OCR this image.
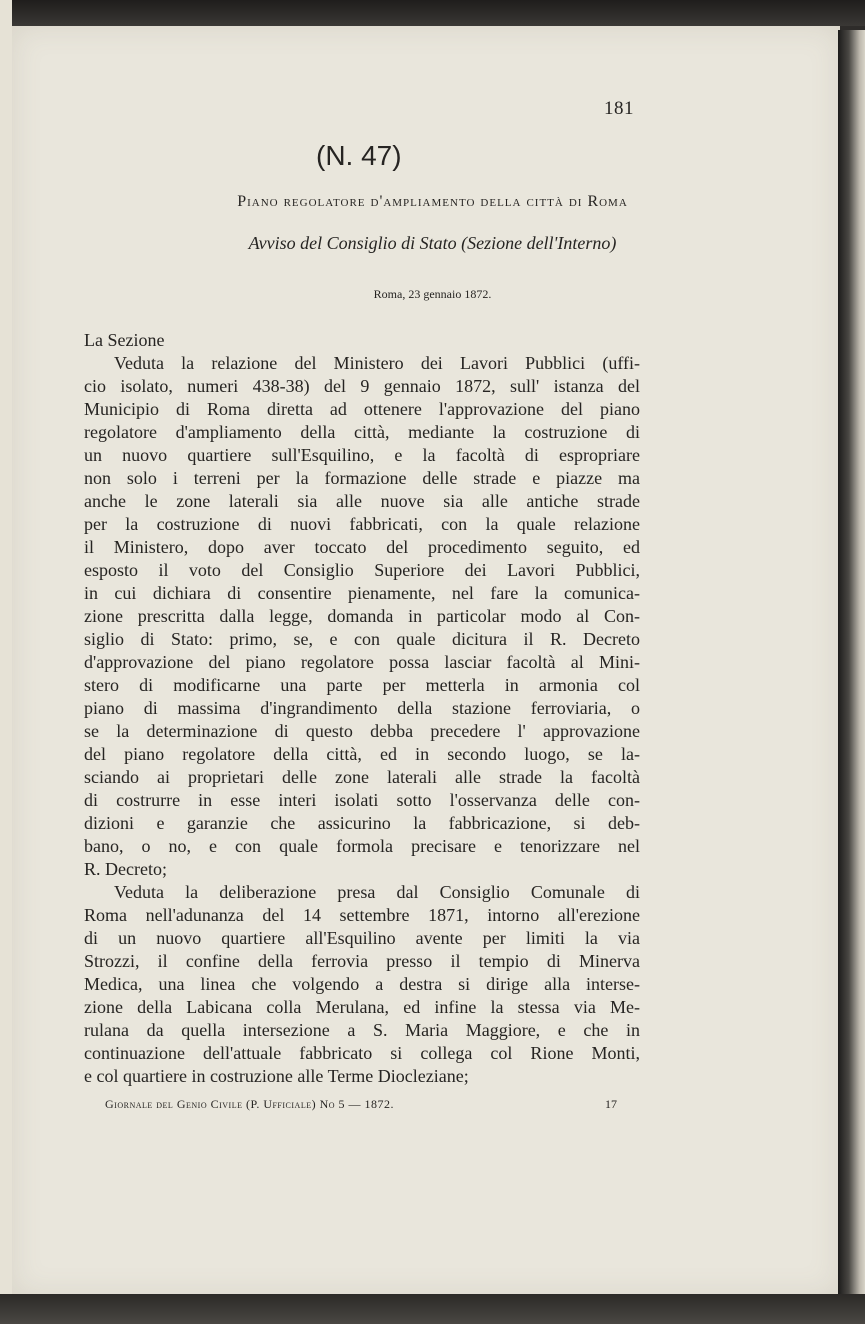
181
(N. 47)
Piano regolatore d'ampliamento della città di Roma
Avviso del Consiglio di Stato (Sezione dell'Interno)
Roma, 23 gennaio 1872.
La Sezione
Veduta la relazione del Ministero dei Lavori Pubblici (uffi-
cio isolato, numeri 438-38) del 9 gennaio 1872, sull' istanza del
Municipio di Roma diretta ad ottenere l'approvazione del piano
regolatore d'ampliamento della città, mediante la costruzione di
un nuovo quartiere sull'Esquilino, e la facoltà di espropriare
non solo i terreni per la formazione delle strade e piazze ma
anche le zone laterali sia alle nuove sia alle antiche strade
per la costruzione di nuovi fabbricati, con la quale relazione
il Ministero, dopo aver toccato del procedimento seguito, ed
esposto il voto del Consiglio Superiore dei Lavori Pubblici,
in cui dichiara di consentire pienamente, nel fare la comunica-
zione prescritta dalla legge, domanda in particolar modo al Con-
siglio di Stato: primo, se, e con quale dicitura il R. Decreto
d'approvazione del piano regolatore possa lasciar facoltà al Mini-
stero di modificarne una parte per metterla in armonia col
piano di massima d'ingrandimento della stazione ferroviaria, o
se la determinazione di questo debba precedere l' approvazione
del piano regolatore della città, ed in secondo luogo, se la-
sciando ai proprietari delle zone laterali alle strade la facoltà
di costrurre in esse interi isolati sotto l'osservanza delle con-
dizioni e garanzie che assicurino la fabbricazione, si deb-
bano, o no, e con quale formola precisare e tenorizzare nel
R. Decreto;
Veduta la deliberazione presa dal Consiglio Comunale di
Roma nell'adunanza del 14 settembre 1871, intorno all'erezione
di un nuovo quartiere all'Esquilino avente per limiti la via
Strozzi, il confine della ferrovia presso il tempio di Minerva
Medica, una linea che volgendo a destra si dirige alla interse-
zione della Labicana colla Merulana, ed infine la stessa via Me-
rulana da quella intersezione a S. Maria Maggiore, e che in
continuazione dell'attuale fabbricato si collega col Rione Monti,
e col quartiere in costruzione alle Terme Diocleziane;
Giornale del Genio Civile (P. Ufficiale) No 5 — 1872.	17
